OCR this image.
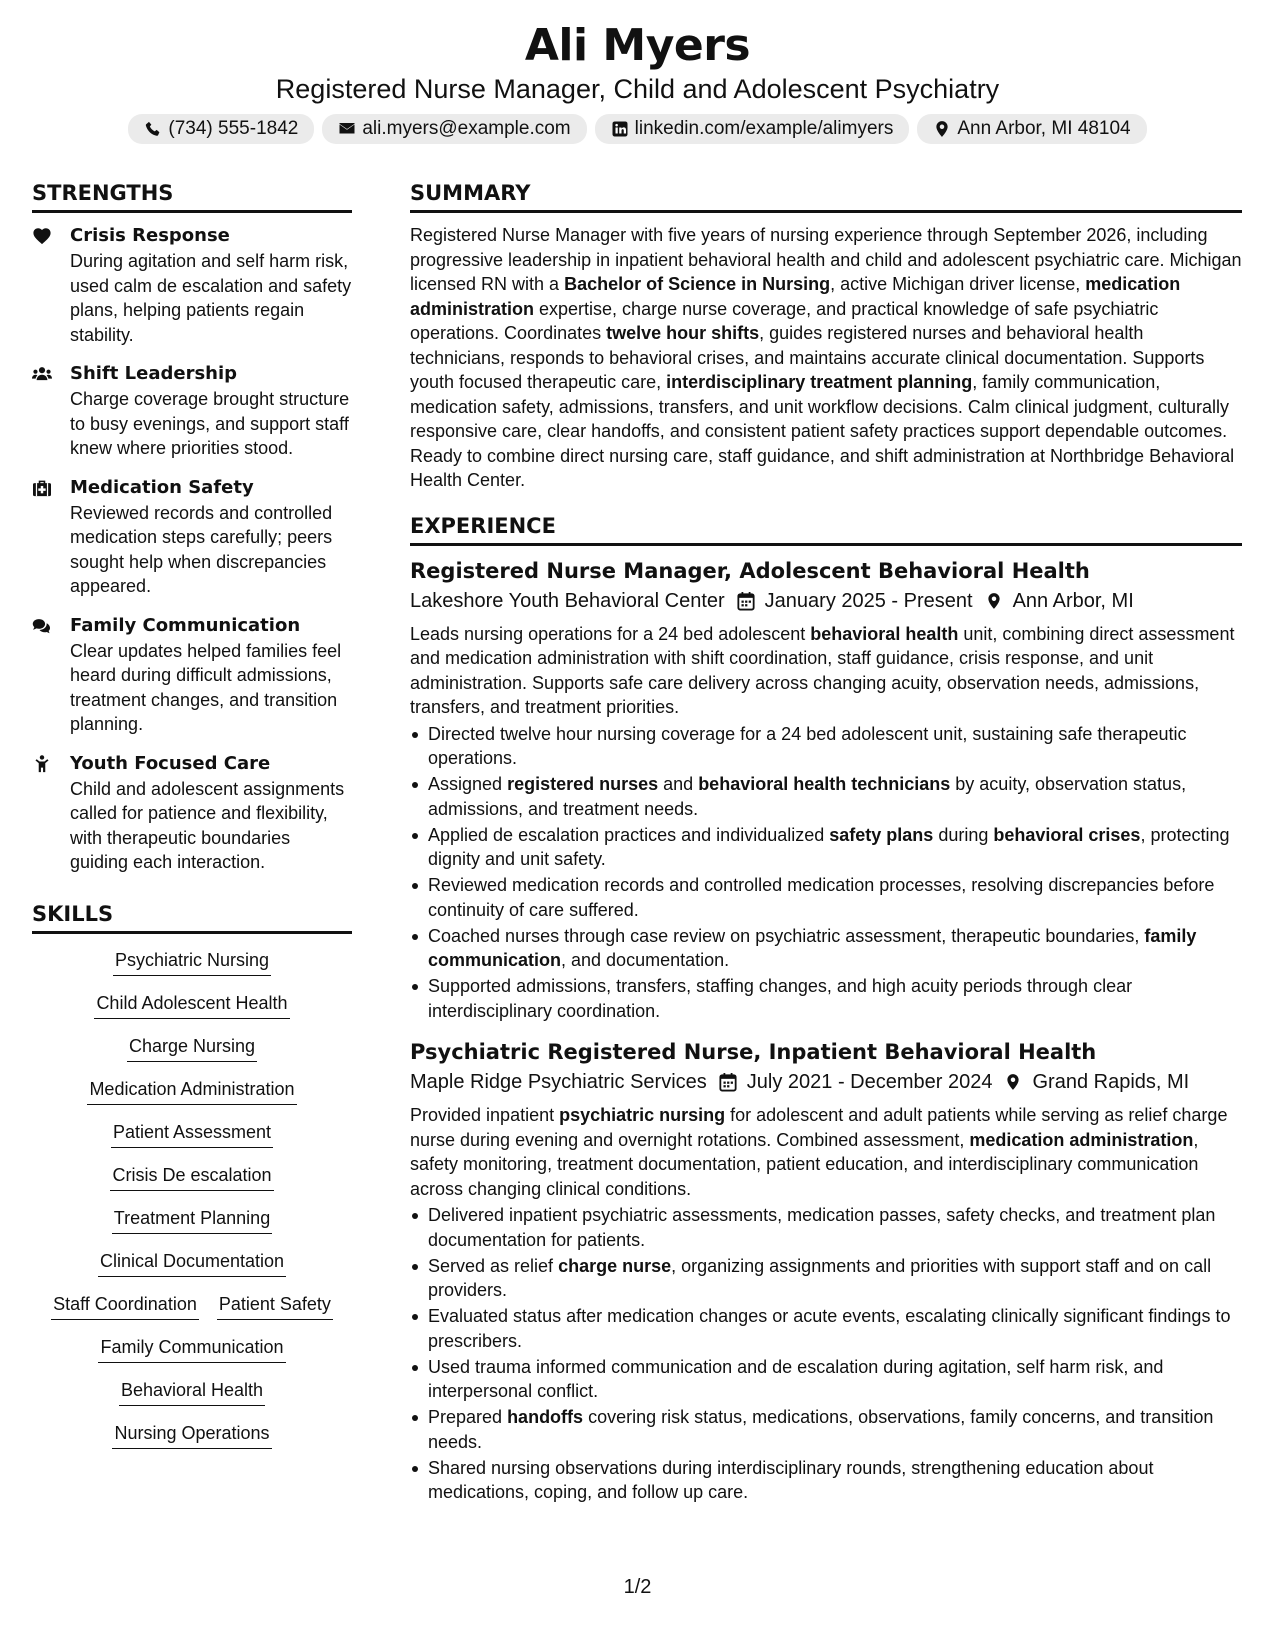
Ali Myers
Registered Nurse Manager, Child and Adolescent Psychiatry
(734) 555-1842	ali.myers@example.com	linkedin.com/example/alimyers	Ann Arbor, MI 48104
STRENGTHS
Crisis Response
During agitation and self harm risk, used calm de escalation and safety plans, helping patients regain stability.
Shift Leadership
Charge coverage brought structure to busy evenings, and support staff knew where priorities stood.
Medication Safety
Reviewed records and controlled medication steps carefully; peers sought help when discrepancies appeared.
Family Communication
Clear updates helped families feel heard during difficult admissions, treatment changes, and transition planning.
Youth Focused Care
Child and adolescent assignments called for patience and flexibility, with therapeutic boundaries guiding each interaction.
SKILLS
Psychiatric Nursing
Child Adolescent Health
Charge Nursing
Medication Administration
Patient Assessment
Crisis De escalation
Treatment Planning
Clinical Documentation
Staff Coordination Patient Safety
Family Communication
Behavioral Health
Nursing Operations
SUMMARY

Registered Nurse Manager with five years of nursing experience through September 2026, including progressive leadership in inpatient behavioral health and child and adolescent psychiatric care. Michigan licensed RN with a Bachelor of Science in Nursing, active Michigan driver license, medication administration expertise, charge nurse coverage, and practical knowledge of safe psychiatric operations. Coordinates twelve hour shifts, guides registered nurses and behavioral health technicians, responds to behavioral crises, and maintains accurate clinical documentation. Supports youth focused therapeutic care, interdisciplinary treatment planning, family communication, medication safety, admissions, transfers, and unit workflow decisions. Calm clinical judgment, culturally responsive care, clear handoffs, and consistent patient safety practices support dependable outcomes. Ready to combine direct nursing care, staff guidance, and shift administration at Northbridge Behavioral Health Center.

EXPERIENCE
Registered Nurse Manager, Adolescent Behavioral Health
Lakeshore Youth Behavioral Center January 2025 - Present Ann Arbor, MI

Leads nursing operations for a 24 bed adolescent behavioral health unit, combining direct assessment and medication administration with shift coordination, staff guidance, crisis response, and unit administration. Supports safe care delivery across changing acuity, observation needs, admissions, transfers, and treatment priorities.

Directed twelve hour nursing coverage for a 24 bed adolescent unit, sustaining safe therapeutic operations.
Assigned registered nurses and behavioral health technicians by acuity, observation status, admissions, and treatment needs.
Applied de escalation practices and individualized safety plans during behavioral crises, protecting dignity and unit safety.
Reviewed medication records and controlled medication processes, resolving discrepancies before continuity of care suffered.
Coached nurses through case review on psychiatric assessment, therapeutic boundaries, family communication, and documentation.
Supported admissions, transfers, staffing changes, and high acuity periods through clear interdisciplinary coordination.
Psychiatric Registered Nurse, Inpatient Behavioral Health
Maple Ridge Psychiatric Services July 2021 - December 2024 Grand Rapids, MI

Provided inpatient psychiatric nursing for adolescent and adult patients while serving as relief charge nurse during evening and overnight rotations. Combined assessment, medication administration, safety monitoring, treatment documentation, patient education, and interdisciplinary communication across changing clinical conditions.

Delivered inpatient psychiatric assessments, medication passes, safety checks, and treatment plan documentation for patients.
Served as relief charge nurse, organizing assignments and priorities with support staff and on call providers.
Evaluated status after medication changes or acute events, escalating clinically significant findings to prescribers.
Used trauma informed communication and de escalation during agitation, self harm risk, and interpersonal conflict.
Prepared handoffs covering risk status, medications, observations, family concerns, and transition needs.
Shared nursing observations during interdisciplinary rounds, strengthening education about medications, coping, and follow up care.
1/2
